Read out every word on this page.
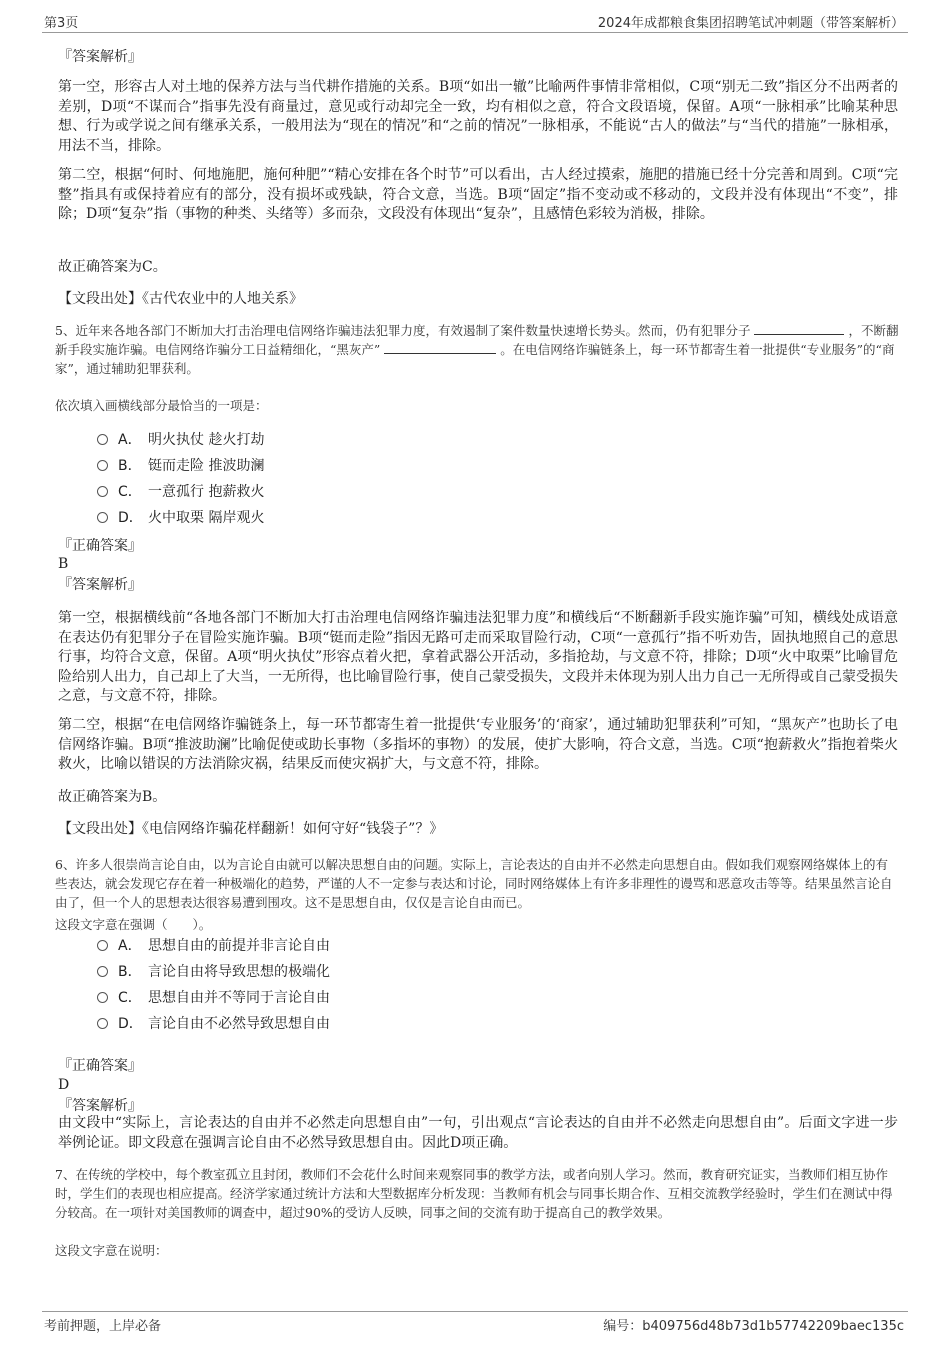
第3页	2024年成都粮食集团招聘笔试冲刺题（带答案解析）
『答案解析』

第一空，形容古人对土地的保养方法与当代耕作措施的关系。B项“如出一辙”比喻两件事情非常相似，C项“别无二致”指区分不出两者的差别，D项“不谋而合”指事先没有商量过，意见或行动却完全一致，均有相似之意，符合文段语境，保留。A项“一脉相承”比喻某种思想、行为或学说之间有继承关系，一般用法为“现在的情况”和“之前的情况”一脉相承，不能说“古人的做法”与“当代的措施”一脉相承，用法不当，排除。

第二空，根据“何时、何地施肥，施何种肥”“精心安排在各个时节”可以看出，古人经过摸索，施肥的措施已经十分完善和周到。C项“完整”指具有或保持着应有的部分，没有损坏或残缺，符合文意，当选。B项“固定”指不变动或不移动的，文段并没有体现出“不变”，排除；D项“复杂”指（事物的种类、头绪等）多而杂，文段没有体现出“复杂”，且感情色彩较为消极，排除。

故正确答案为C。
【文段出处】《古代农业中的人地关系》

5、近年来各地各部门不断加大打击治理电信网络诈骗违法犯罪力度，有效遏制了案件数量快速增长势头。然而，仍有犯罪分子	，不断翻新手段实施诈骗。电信网络诈骗分工日益精细化，“黑灰产”	。在电信网络诈骗链条上，每一环节都寄生着一批提供“专业服务”的“商家”，通过辅助犯罪获利。

依次填入画横线部分最恰当的一项是：
A． 明火执仗 趁火打劫
B． 铤而走险 推波助澜
C． 一意孤行 抱薪救火
D． 火中取栗 隔岸观火
『正确答案』
B
『答案解析』

第一空，根据横线前“各地各部门不断加大打击治理电信网络诈骗违法犯罪力度”和横线后“不断翻新手段实施诈骗”可知，横线处成语意在表达仍有犯罪分子在冒险实施诈骗。B项“铤而走险”指因无路可走而采取冒险行动，C项“一意孤行”指不听劝告，固执地照自己的意思行事，均符合文意，保留。A项“明火执仗”形容点着火把，拿着武器公开活动，多指抢劫，与文意不符，排除；D项“火中取栗”比喻冒危险给别人出力，自己却上了大当，一无所得，也比喻冒险行事，使自己蒙受损失，文段并未体现为别人出力自己一无所得或自己蒙受损失之意，与文意不符，排除。

第二空，根据“在电信网络诈骗链条上，每一环节都寄生着一批提供‘专业服务’的‘商家’，通过辅助犯罪获利”可知，“黑灰产”也助长了电信网络诈骗。B项“推波助澜”比喻促使或助长事物（多指坏的事物）的发展，使扩大影响，符合文意，当选。C项“抱薪救火”指抱着柴火救火，比喻以错误的方法消除灾祸，结果反而使灾祸扩大，与文意不符，排除。

故正确答案为B。
【文段出处】《电信网络诈骗花样翻新！如何守好“钱袋子”？》

6、许多人很崇尚言论自由，以为言论自由就可以解决思想自由的问题。实际上，言论表达的自由并不必然走向思想自由。假如我们观察网络媒体上的有些表达，就会发现它存在着一种极端化的趋势，严谨的人不一定参与表达和讨论，同时网络媒体上有许多非理性的谩骂和恶意攻击等等。结果虽然言论自由了，但一个人的思想表达很容易遭到围攻。这不是思想自由，仅仅是言论自由而已。

这段文字意在强调（　　）。
A． 思想自由的前提并非言论自由
B． 言论自由将导致思想的极端化
C． 思想自由并不等同于言论自由
D． 言论自由不必然导致思想自由
『正确答案』
D
『答案解析』

由文段中“实际上，言论表达的自由并不必然走向思想自由”一句，引出观点“言论表达的自由并不必然走向思想自由”。后面文字进一步举例论证。即文段意在强调言论自由不必然导致思想自由。因此D项正确。

7、在传统的学校中，每个教室孤立且封闭，教师们不会花什么时间来观察同事的教学方法，或者向别人学习。然而，教育研究证实，当教师们相互协作时，学生们的表现也相应提高。经济学家通过统计方法和大型数据库分析发现：当教师有机会与同事长期合作、互相交流教学经验时，学生们在测试中得分较高。在一项针对美国教师的调查中，超过90%的受访人反映，同事之间的交流有助于提高自己的教学效果。

这段文字意在说明：
考前押题，上岸必备	编号：b409756d48b73d1b57742209baec135c
